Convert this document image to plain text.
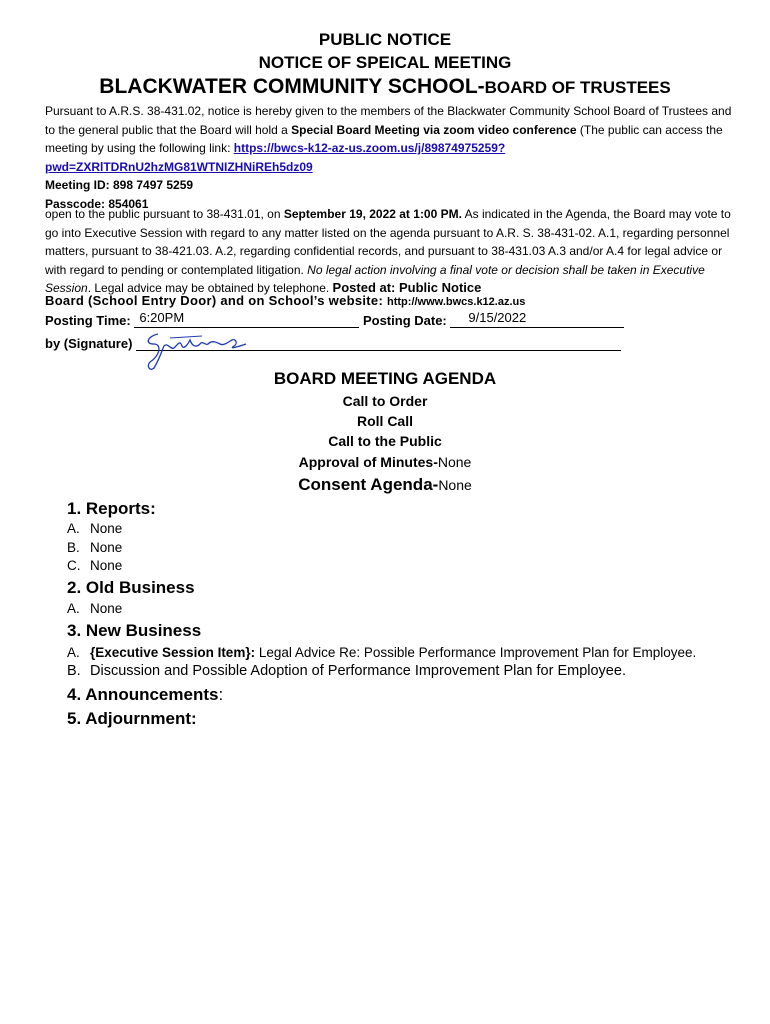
PUBLIC NOTICE
NOTICE OF SPEICAL MEETING
BLACKWATER COMMUNITY SCHOOL-BOARD OF TRUSTEES
Pursuant to A.R.S. 38-431.02, notice is hereby given to the members of the Blackwater Community School Board of Trustees and to the general public that the Board will hold a Special Board Meeting via zoom video conference (The public can access the meeting by using the following link: https://bwcs-k12-az-us.zoom.us/j/89874975259?pwd=ZXRlTDRnU2hzMG81WTNIZHNiREh5dz09
Meeting ID: 898 7497 5259
Passcode: 854061
open to the public pursuant to 38-431.01, on September 19, 2022 at 1:00 PM. As indicated in the Agenda, the Board may vote to go into Executive Session with regard to any matter listed on the agenda pursuant to A.R. S. 38-431-02. A.1, regarding personnel matters, pursuant to 38-421.03. A.2, regarding confidential records, and pursuant to 38-431.03 A.3 and/or A.4 for legal advice or with regard to pending or contemplated litigation. No legal action involving a final vote or decision shall be taken in Executive Session. Legal advice may be obtained by telephone. Posted at: Public Notice
Board (School Entry Door) and on School’s website: http://www.bwcs.k12.az.us
Posting Time: 6:20PM	Posting Date: 9/15/2022
by (Signature)
BOARD MEETING AGENDA
Call to Order
Roll Call
Call to the Public
Approval of Minutes-None
Consent Agenda-None
1. Reports:
A. None
B. None
C. None
2. Old Business
A. None
3. New Business
A. {Executive Session Item}: Legal Advice Re: Possible Performance Improvement Plan for Employee.
B. Discussion and Possible Adoption of Performance Improvement Plan for Employee.
4. Announcements:
5. Adjournment:
